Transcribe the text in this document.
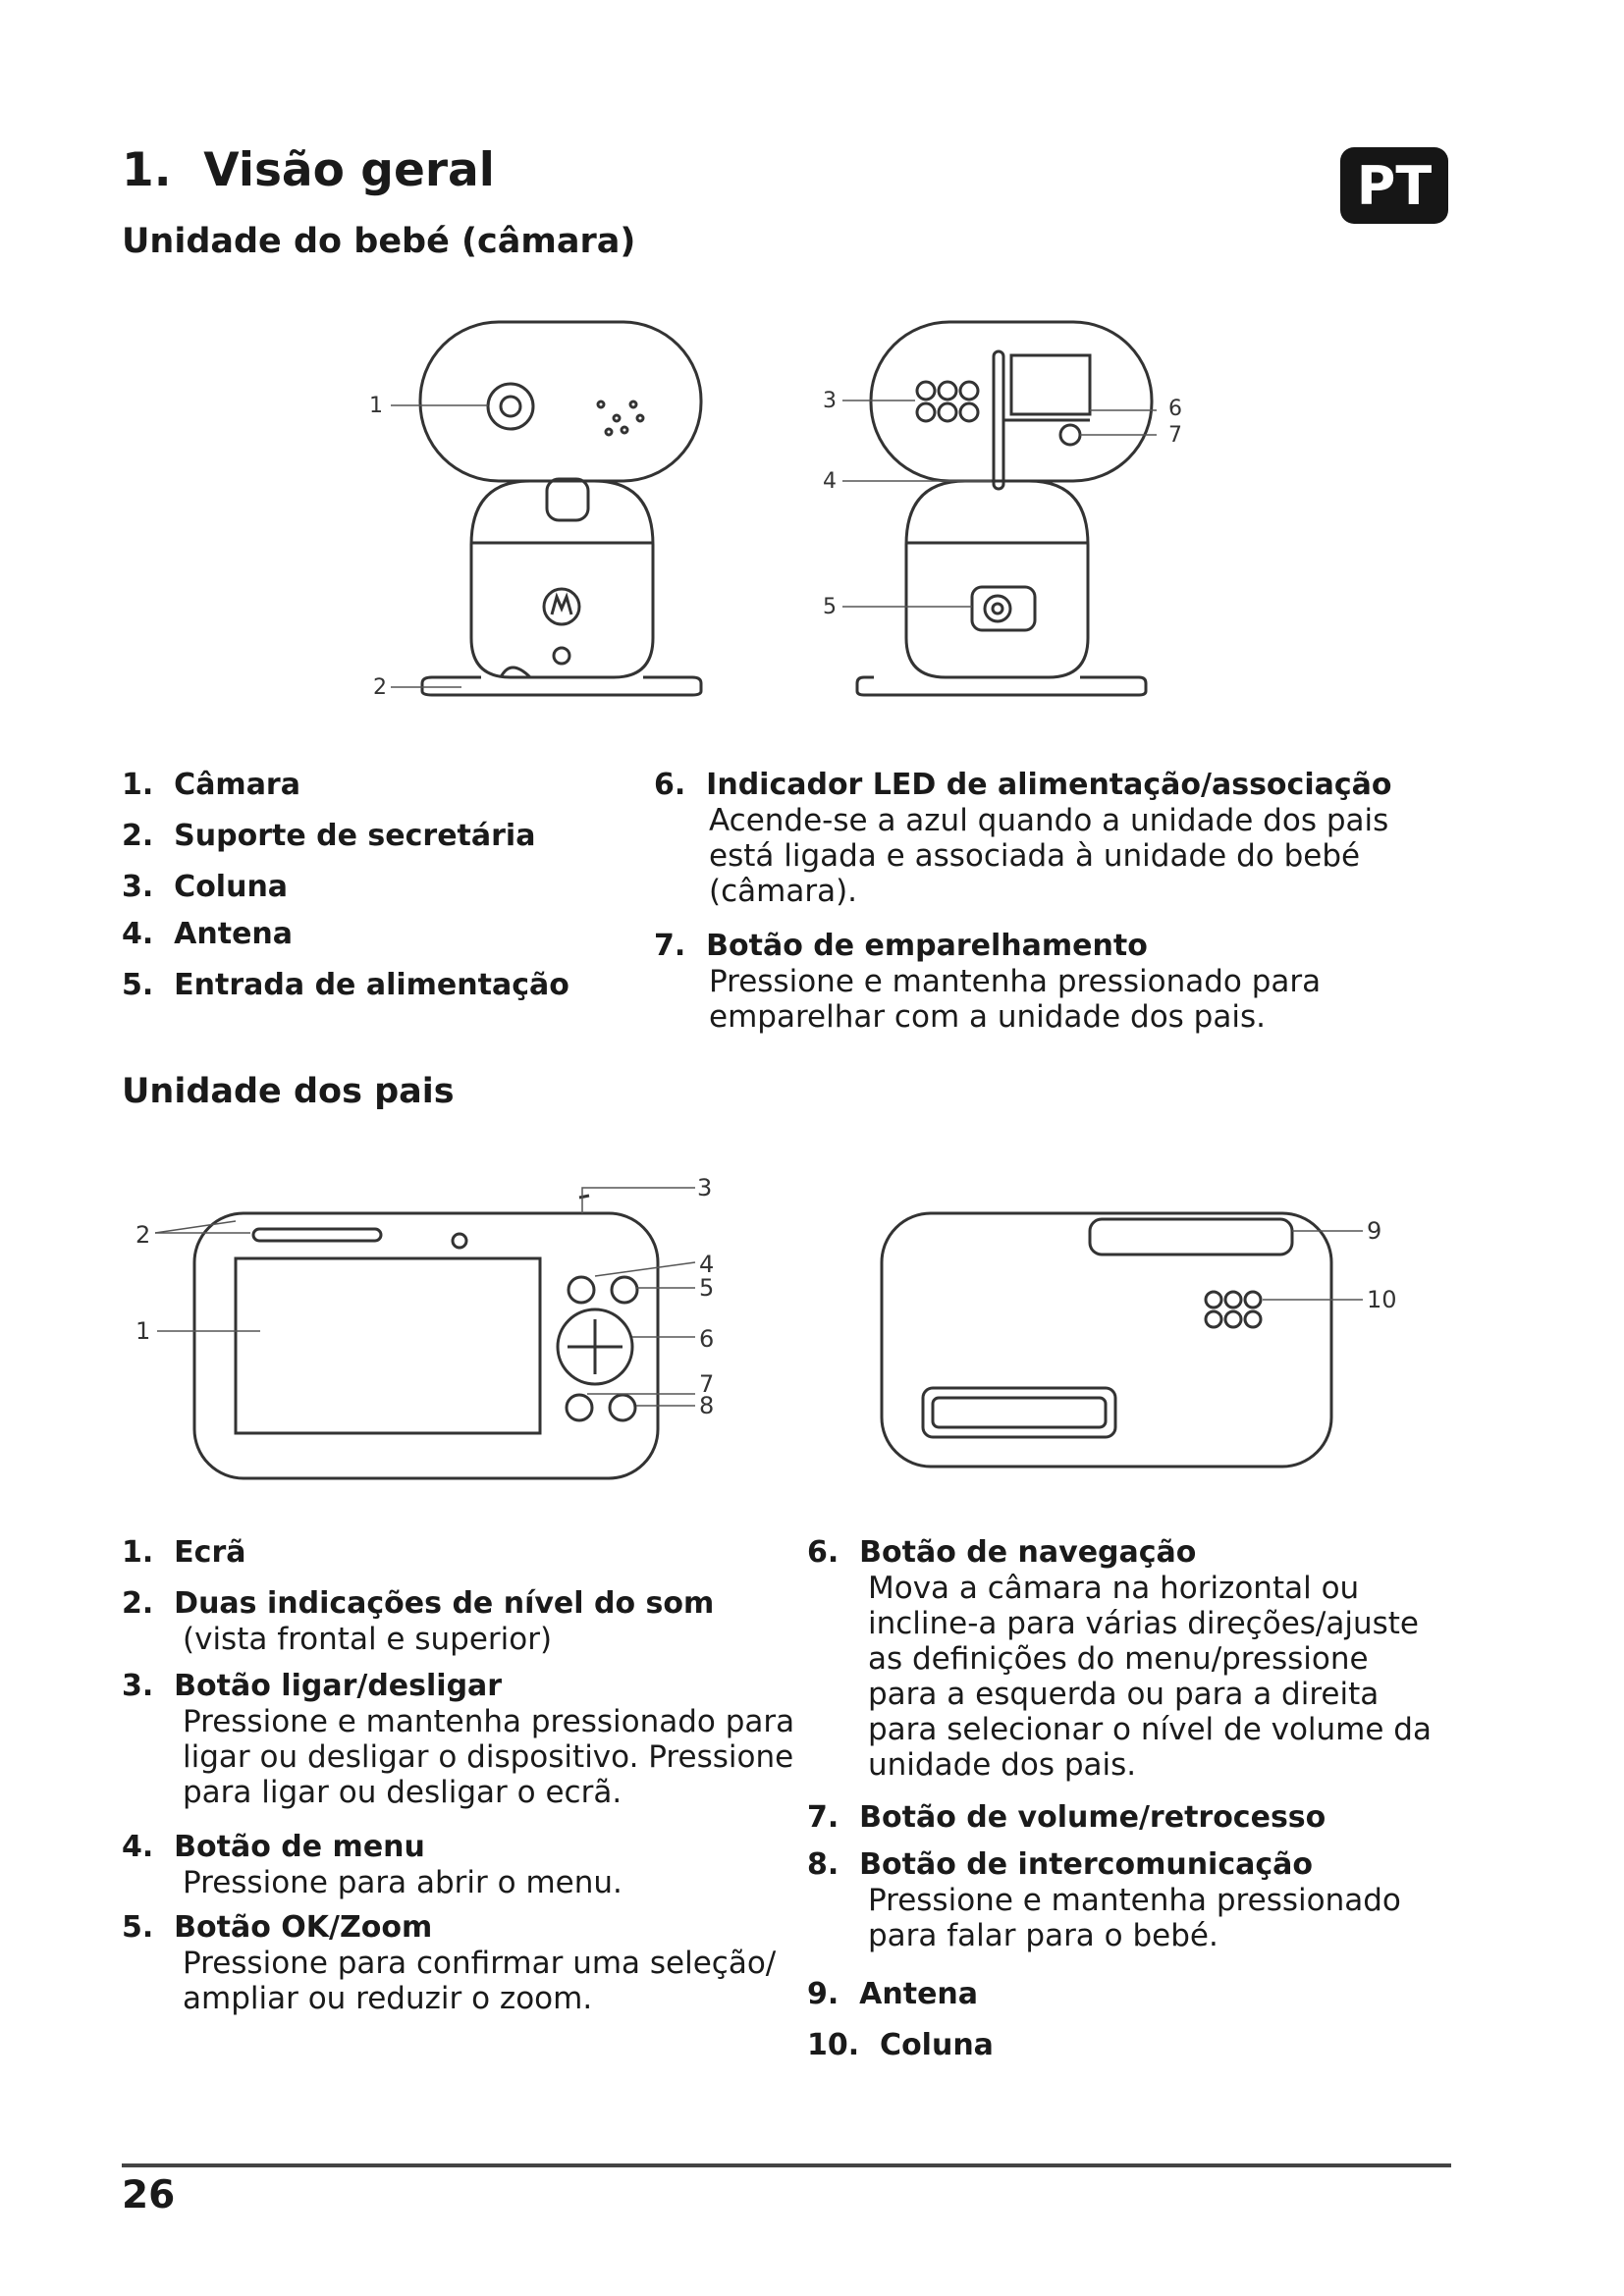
1. Visão geral	PT
Unidade do bebé (câmara)
1
2
3
4
5
6
7
1. Câmara
2. Suporte de secretária
3. Coluna
4. Antena
5. Entrada de alimentação
6. Indicador LED de alimentação/associação
Acende-se a azul quando a unidade dos pais
está ligada e associada à unidade do bebé
(câmara).
7. Botão de emparelhamento
Pressione e mantenha pressionado para
emparelhar com a unidade dos pais.
Unidade dos pais
1
2
3
4
5
6
7
8
9
10
1. Ecrã
2. Duas indicações de nível do som
(vista frontal e superior)
3. Botão ligar/desligar
Pressione e mantenha pressionado para
ligar ou desligar o dispositivo. Pressione
para ligar ou desligar o ecrã.
4. Botão de menu
Pressione para abrir o menu.
5. Botão OK/Zoom
Pressione para confirmar uma seleção/
ampliar ou reduzir o zoom.
6. Botão de navegação
Mova a câmara na horizontal ou
incline-a para várias direções/ajuste
as definições do menu/pressione
para a esquerda ou para a direita
para selecionar o nível de volume da
unidade dos pais.
7. Botão de volume/retrocesso
8. Botão de intercomunicação
Pressione e mantenha pressionado
para falar para o bebé.
9. Antena
10. Coluna
26
